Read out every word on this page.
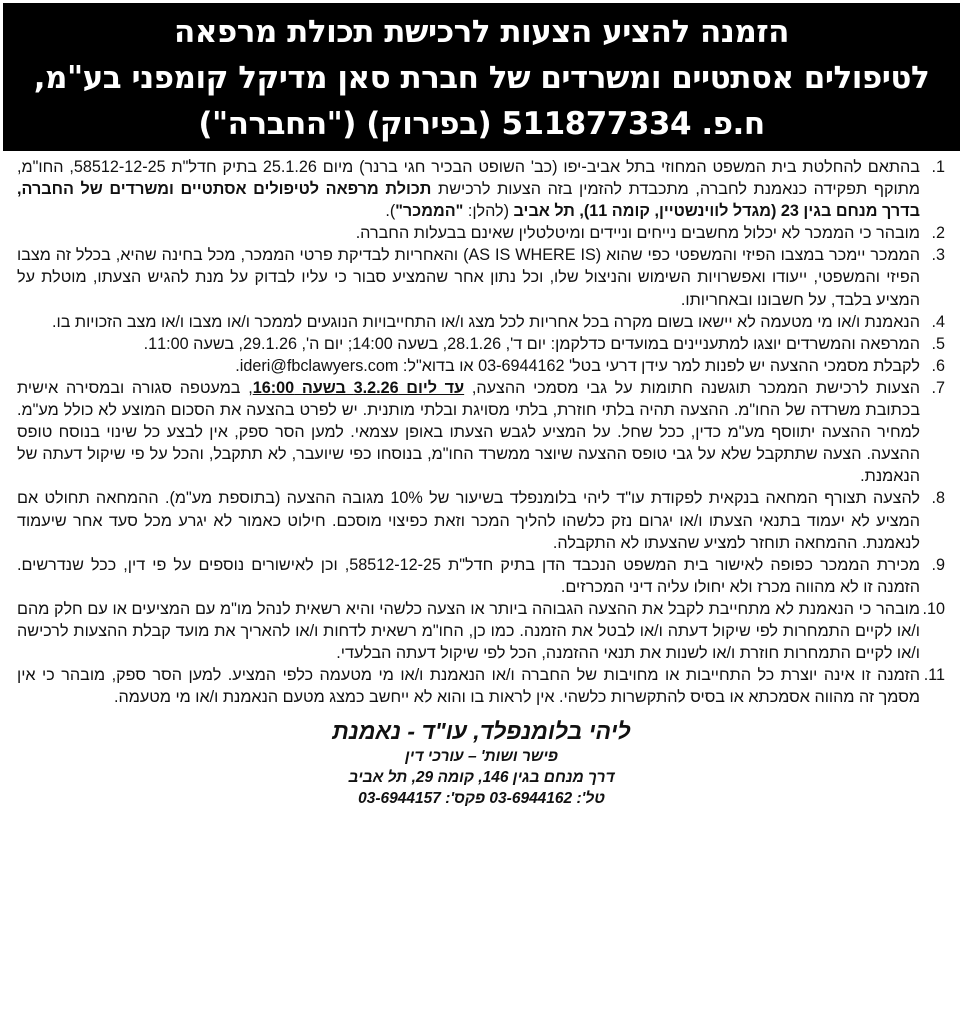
הזמנה להציע הצעות לרכישת תכולת מרפאה
לטיפולים אסתטיים ומשרדים של חברת סאן מדיקל קומפני בע"מ,
ח.פ. 511877334 (בפירוק) ("החברה")
.1
בהתאם להחלטת בית המשפט המחוזי בתל אביב-יפו (כב' השופט הבכיר חגי ברנר) מיום 25.1.26 בתיק חדל"ת 58512-12-25, החו"מ, מתוקף תפקידה כנאמנת לחברה, מתכבדת להזמין בזה הצעות לרכישת תכולת מרפאה לטיפולים אסתטיים ומשרדים של החברה, בדרך מנחם בגין 23 (מגדל לווינשטיין, קומה 11), תל אביב (להלן: "הממכר").
.2
מובהר כי הממכר לא יכלול מחשבים נייחים וניידים ומיטלטלין שאינם בבעלות החברה.
.3
הממכר יימכר במצבו הפיזי והמשפטי כפי שהוא (AS IS WHERE IS) והאחריות לבדיקת פרטי הממכר, מכל בחינה שהיא, בכלל זה מצבו הפיזי והמשפטי, ייעודו ואפשרויות השימוש והניצול שלו, וכל נתון אחר שהמציע סבור כי עליו לבדוק על מנת להגיש הצעתו, מוטלת על המציע בלבד, על חשבונו ובאחריותו.
.4
הנאמנת ו/או מי מטעמה לא יישאו בשום מקרה בכל אחריות לכל מצג ו/או התחייבויות הנוגעים לממכר ו/או מצבו ו/או מצב הזכויות בו.
.5
המרפאה והמשרדים יוצגו למתעניינים במועדים כדלקמן: יום ד', 28.1.26, בשעה 14:00; יום ה', 29.1.26, בשעה 11:00.
.6
לקבלת מסמכי ההצעה יש לפנות למר עידן דרעי בטל' 03-6944162 או בדוא"ל: ideri@fbclawyers.com.
.7
הצעות לרכישת הממכר תוגשנה חתומות על גבי מסמכי ההצעה, עד ליום 3.2.26 בשעה 16:00, במעטפה סגורה ובמסירה אישית בכתובת משרדה של החו"מ. ההצעה תהיה בלתי חוזרת, בלתי מסויגת ובלתי מותנית. יש לפרט בהצעה את הסכום המוצע לא כולל מע"מ. למחיר ההצעה יתווסף מע"מ כדין, ככל שחל. על המציע לגבש הצעתו באופן עצמאי. למען הסר ספק, אין לבצע כל שינוי בנוסח טופס ההצעה. הצעה שתתקבל שלא על גבי טופס ההצעה שיוצר ממשרד החו"מ, בנוסחו כפי שיועבר, לא תתקבל, והכל על פי שיקול דעתה של הנאמנת.
.8
להצעה תצורף המחאה בנקאית לפקודת עו"ד ליהי בלומנפלד בשיעור של 10% מגובה ההצעה (בתוספת מע"מ). ההמחאה תחולט אם המציע לא יעמוד בתנאי הצעתו ו/או יגרום נזק כלשהו להליך המכר וזאת כפיצוי מוסכם. חילוט כאמור לא יגרע מכל סעד אחר שיעמוד לנאמנת. ההמחאה תוחזר למציע שהצעתו לא התקבלה.
.9
מכירת הממכר כפופה לאישור בית המשפט הנכבד הדן בתיק חדל"ת 58512-12-25, וכן לאישורים נוספים על פי דין, ככל שנדרשים. הזמנה זו לא מהווה מכרז ולא יחולו עליה דיני המכרזים.
.10
מובהר כי הנאמנת לא מתחייבת לקבל את ההצעה הגבוהה ביותר או הצעה כלשהי והיא רשאית לנהל מו"מ עם המציעים או עם חלק מהם ו/או לקיים התמחרות לפי שיקול דעתה ו/או לבטל את הזמנה. כמו כן, החו"מ רשאית לדחות ו/או להאריך את מועד קבלת ההצעות לרכישה ו/או לקיים התמחרות חוזרת ו/או לשנות את תנאי ההזמנה, הכל לפי שיקול דעתה הבלעדי.
.11
הזמנה זו אינה יוצרת כל התחייבות או מחויבות של החברה ו/או הנאמנת ו/או מי מטעמה כלפי המציע. למען הסר ספק, מובהר כי אין מסמך זה מהווה אסמכתא או בסיס להתקשרות כלשהי. אין לראות בו והוא לא ייחשב כמצג מטעם הנאמנת ו/או מי מטעמה.
ליהי בלומנפלד, עו"ד - נאמנת
פישר ושות' – עורכי דין
דרך מנחם בגין 146, קומה 29, תל אביב
טל': 03-6944162 פקס': 03-6944157
